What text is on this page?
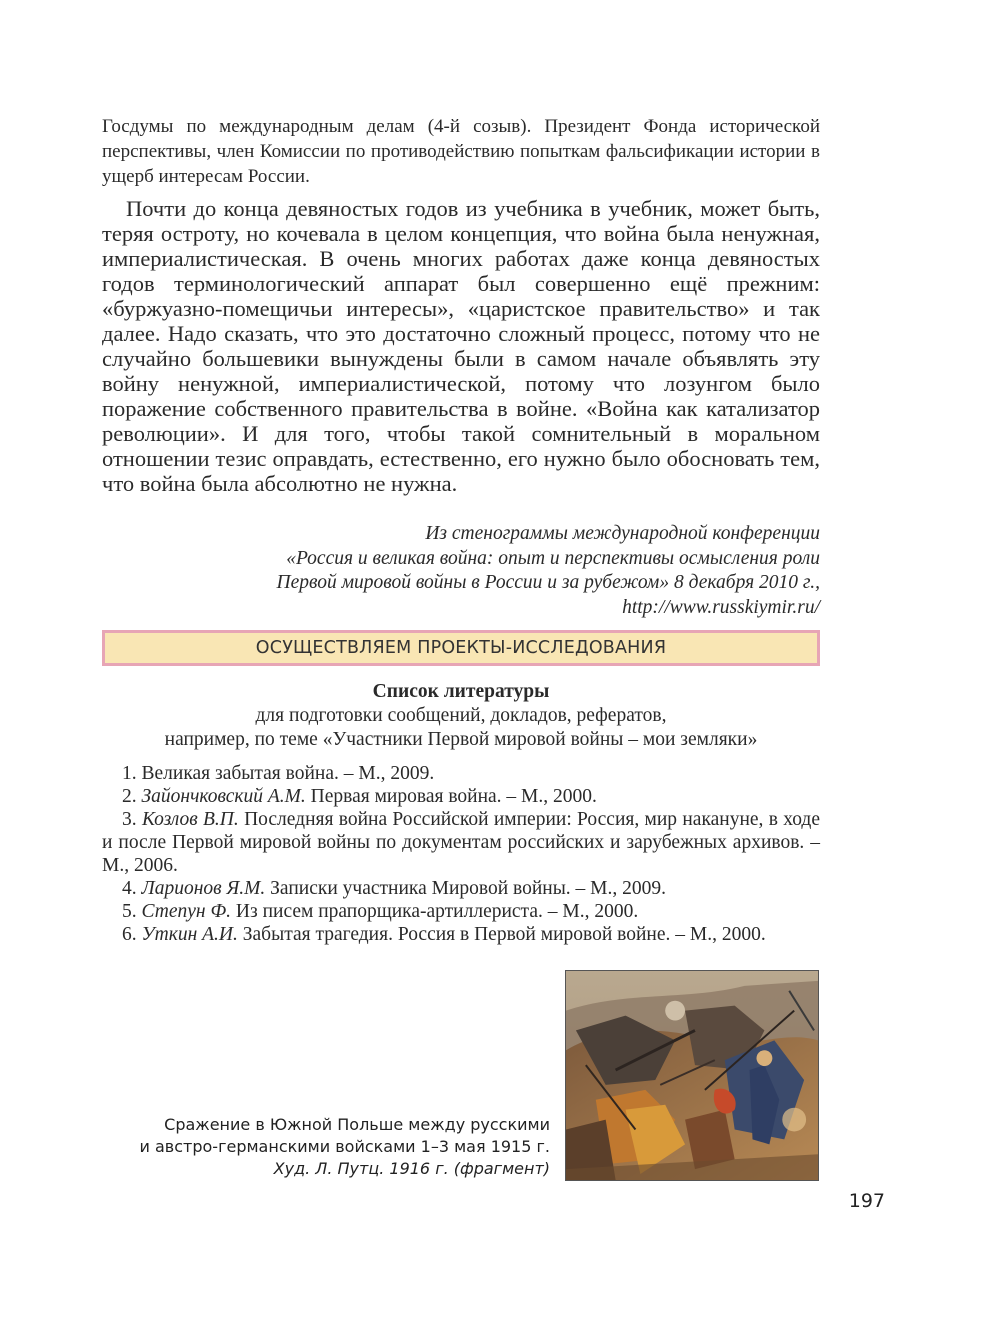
Госдумы по международным делам (4-й созыв). Президент Фонда исторической перспективы, член Комиссии по противодействию попыткам фальсификации истории в ущерб интересам России.

Почти до конца девяностых годов из учебника в учебник, может быть, теряя остроту, но кочевала в целом концепция, что война была ненужная, империалистическая. В очень многих работах даже конца девяностых годов терминологический аппарат был совершенно ещё прежним: «буржуазно-помещичьи интересы», «царистское правительство» и так далее. Надо сказать, что это достаточно сложный процесс, потому что не случайно большевики вынуждены были в самом начале объявлять эту войну ненужной, империалистической, потому что лозунгом было поражение собственного правительства в войне. «Война как катализатор революции». И для того, чтобы такой сомнительный в моральном отношении тезис оправдать, естественно, его нужно было обосновать тем, что война была абсолютно не нужна.

Из стенограммы международной конференции
«Россия и великая война: опыт и перспективы осмысления роли
Первой мировой войны в России и за рубежом» 8 декабря 2010 г.,
http://www.russkiymir.ru/
ОСУЩЕСТВЛЯЕМ ПРОЕКТЫ-ИССЛЕДОВАНИЯ
Список литературы
для подготовки сообщений, докладов, рефератов,
например, по теме «Участники Первой мировой войны – мои земляки»
1. Великая забытая война. – М., 2009.
2. Зайончковский А.М. Первая мировая война. – М., 2000.
3. Козлов В.П. Последняя война Российской империи: Россия, мир накануне, в ходе и после Первой мировой войны по документам российских и зарубежных архивов. – М., 2006.
4. Ларионов Я.М. Записки участника Мировой войны. – М., 2009.
5. Степун Ф. Из писем прапорщика-артиллериста. – М., 2000.
6. Уткин А.И. Забытая трагедия. Россия в Первой мировой войне. – М., 2000.
Сражение в Южной Польше между русскими
и австро-германскими войсками 1–3 мая 1915 г.
Худ. Л. Путц. 1916 г. (фрагмент)
197
